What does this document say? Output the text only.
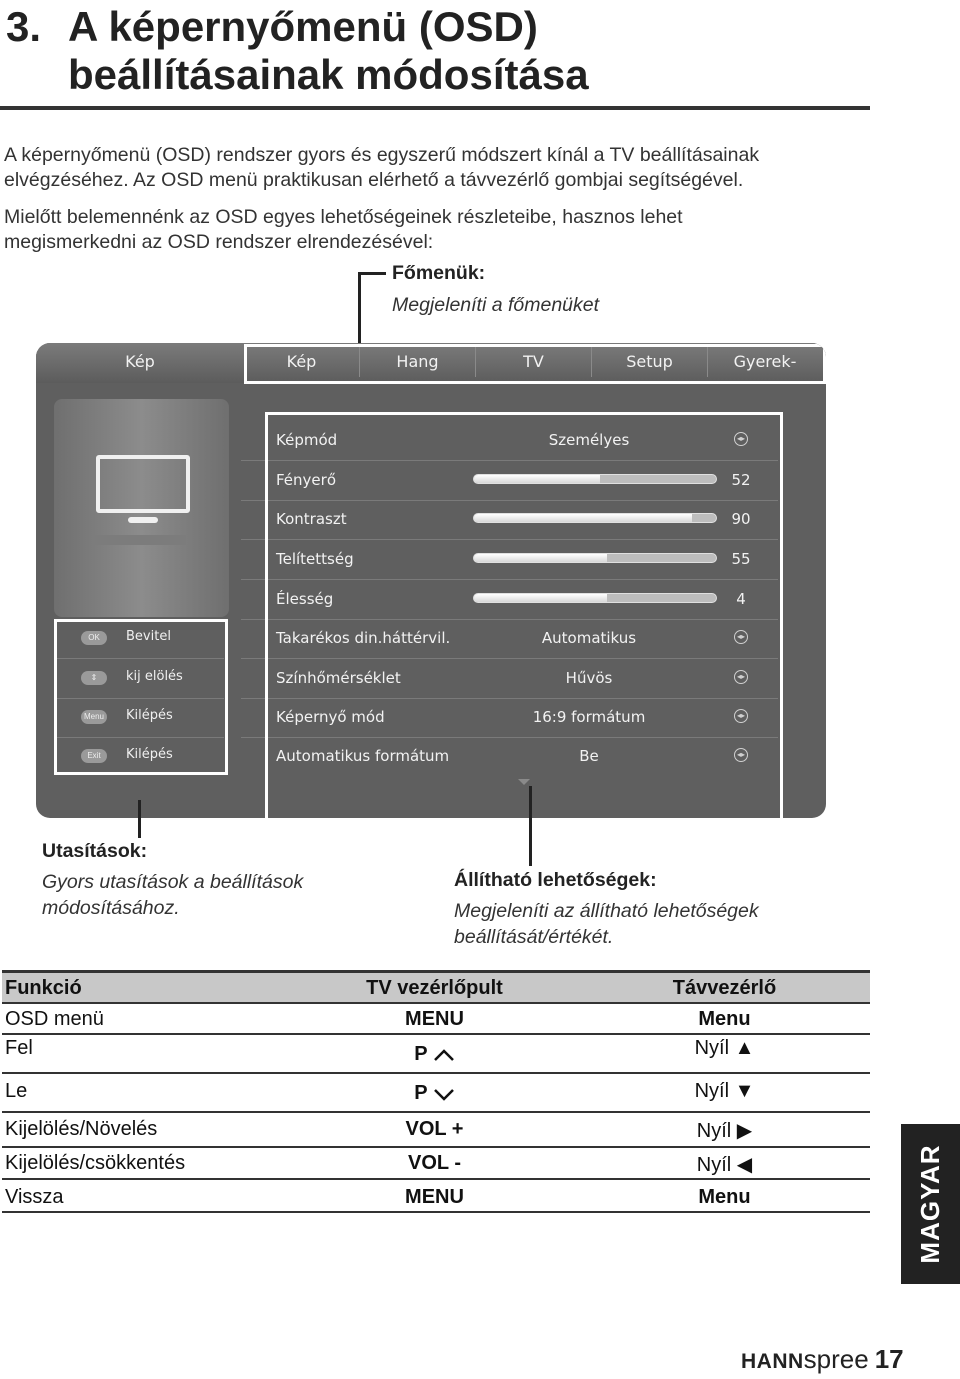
3. A képernyőmenü (OSD)
beállításainak módosítása
A képernyőmenü (OSD) rendszer gyors és egyszerű módszert kínál a TV beállításainak
elvégzéséhez. Az OSD menü praktikusan elérhető a távvezérlő gombjai segítségével.
Mielőtt belemennénk az OSD egyes lehetőségeinek részleteibe, hasznos lehet
megismerkedni az OSD rendszer elrendezésével:
Főmenük:
Megjeleníti a főmenüket
Kép	Kép	Hang	TV	Setup	Gyerek-
OK	Bevitel
⇕	kij elölés
Menu Kilépés
Exit	Kilépés
Képmód	Személyes	◂▸
Fényerő	52
Kontraszt	90
Telítettség	55
Élesség	4
Takarékos din.háttérvil.	Automatikus	◂▸
Színhőmérséklet	Hűvös	◂▸
Képernyő mód	16:9 formátum	◂▸
Automatikus formátum	Be	◂▸
Utasítások:
Gyors utasítások a beállítások
módosításához.
Állítható lehetőségek:
Megjeleníti az állítható lehetőségek
beállítását/értékét.
Funkció	TV vezérlőpult	Távvezérlő
OSD menü	MENU	Menu
Fel	P	Nyíl ▲
Le	P	Nyíl ▼
Kijelölés/Növelés	VOL +	Nyíl ▶
Kijelölés/csökkentés	VOL -	Nyíl ◀
Vissza	MENU	Menu	MAGYAR
HANNspree 17
